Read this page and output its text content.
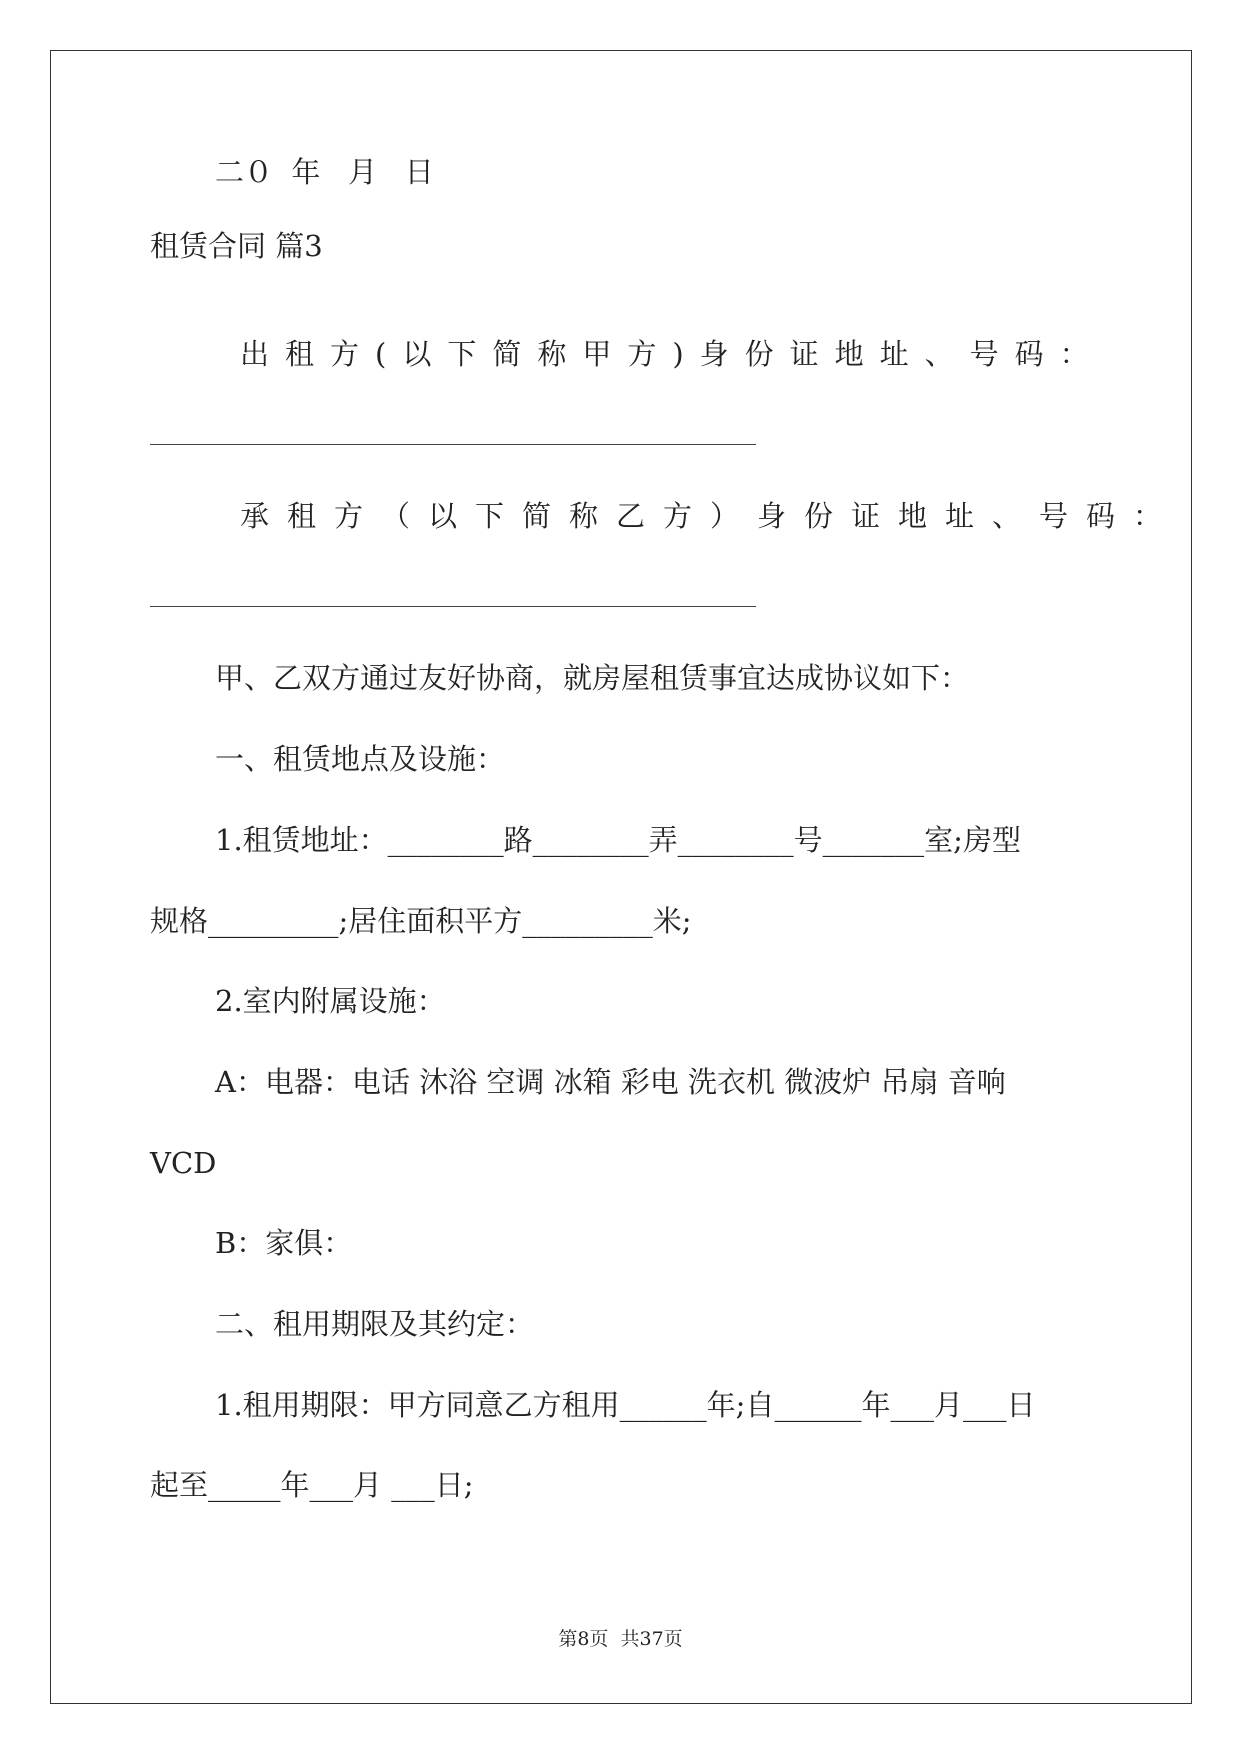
二０  年   月   日
租赁合同 篇3
出租方(以下简称甲方)身份证地址、号码：
承租方（以下简称乙方）身份证地址、号码：
甲、乙双方通过友好协商，就房屋租赁事宜达成协议如下：
一、租赁地点及设施：
1.租赁地址：________路________弄________号_______室;房型
规格_________;居住面积平方_________米;
2.室内附属设施：
A：电器：电话 沐浴 空调 冰箱 彩电 洗衣机 微波炉 吊扇 音响
VCD
B：家俱：
二、租用期限及其约定：
1.租用期限：甲方同意乙方租用______年;自______年___月___日
起至_____年___月 ___日;
第8页  共37页
